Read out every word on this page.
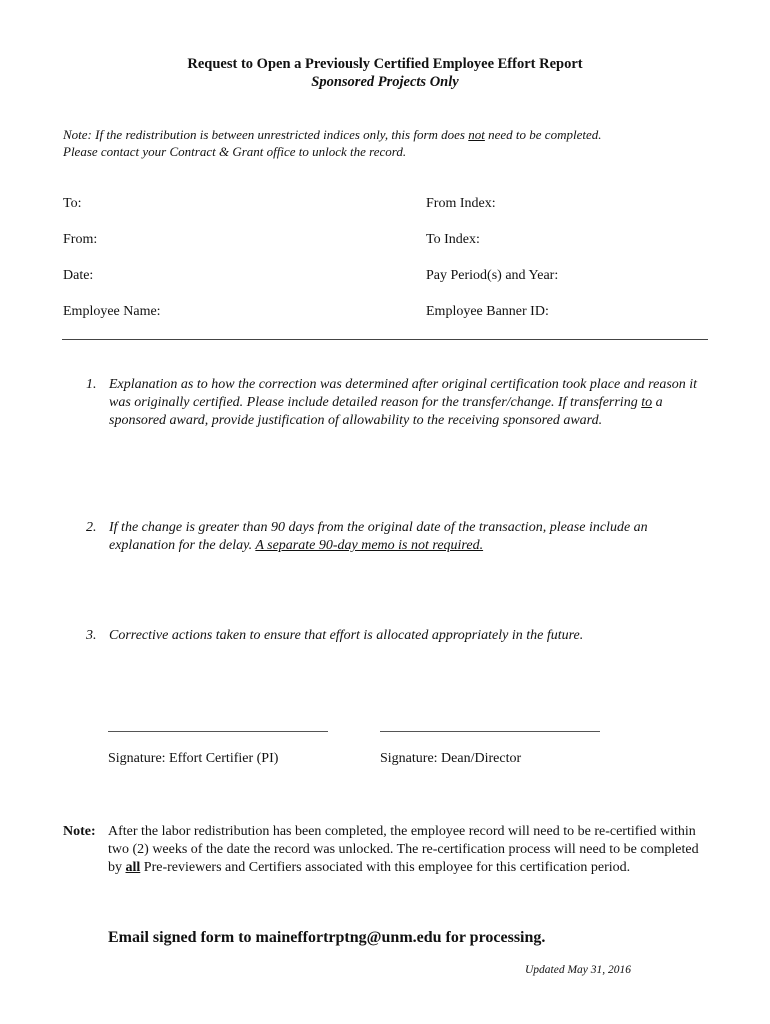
Request to Open a Previously Certified Employee Effort Report
Sponsored Projects Only
Note: If the redistribution is between unrestricted indices only, this form does not need to be completed.
Please contact your Contract & Grant office to unlock the record.
To:	From Index:
From:	To Index:
Date:	Pay Period(s) and Year:
Employee Name:	Employee Banner ID:
1. Explanation as to how the correction was determined after original certification took place and reason it was originally certified. Please include detailed reason for the transfer/change. If transferring to a sponsored award, provide justification of allowability to the receiving sponsored award.
2. If the change is greater than 90 days from the original date of the transaction, please include an explanation for the delay. A separate 90-day memo is not required.
3. Corrective actions taken to ensure that effort is allocated appropriately in the future.
Signature: Effort Certifier (PI)	Signature: Dean/Director
Note: After the labor redistribution has been completed, the employee record will need to be re-certified within two (2) weeks of the date the record was unlocked. The re-certification process will need to be completed by all Pre-reviewers and Certifiers associated with this employee for this certification period.
Email signed form to maineffortrptng@unm.edu for processing.
Updated May 31, 2016
